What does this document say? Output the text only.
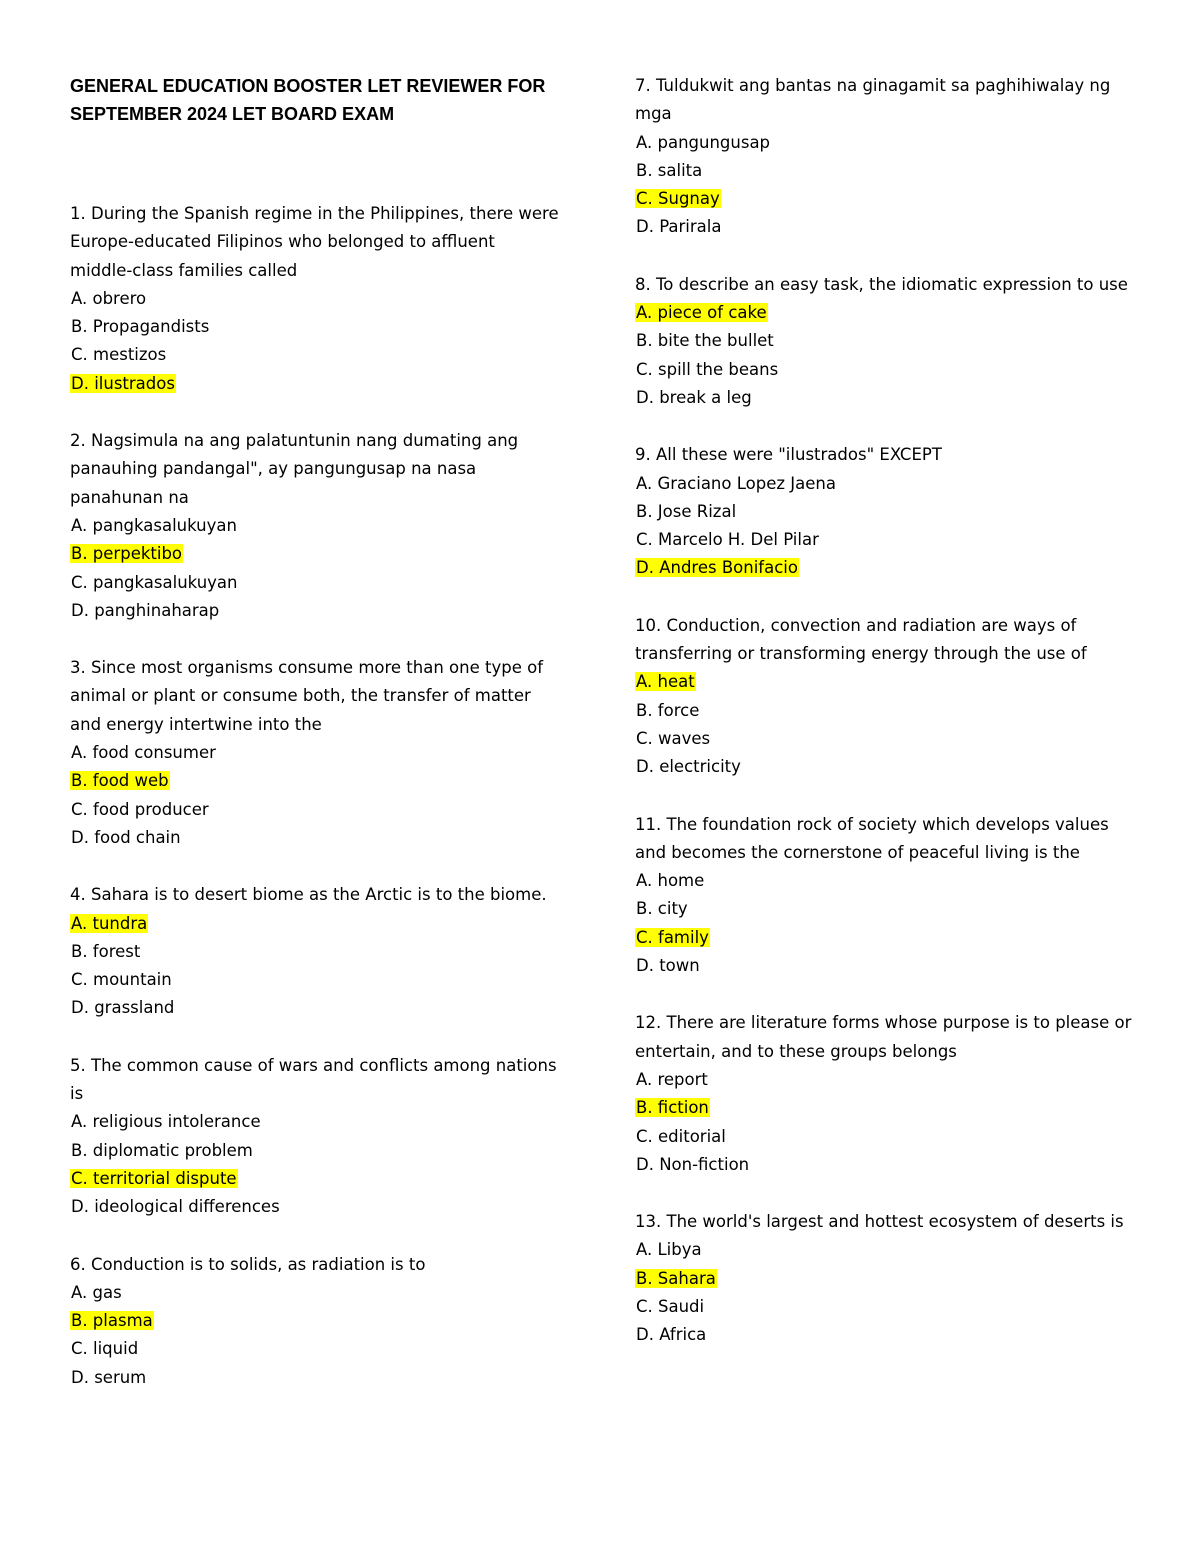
GENERAL EDUCATION BOOSTER LET REVIEWER FOR
SEPTEMBER 2024 LET BOARD EXAM
1. During the Spanish regime in the Philippines, there were Europe-educated Filipinos who belonged to affluent middle-class families called
A. obrero
B. Propagandists
C. mestizos
D. ilustrados
2. Nagsimula na ang palatuntunin nang dumating ang panauhing pandangal", ay pangungusap na nasa panahunan na
A. pangkasalukuyan
B. perpektibo
C. pangkasalukuyan
D. panghinaharap
3. Since most organisms consume more than one type of animal or plant or consume both, the transfer of matter and energy intertwine into the
A. food consumer
B. food web
C. food producer
D. food chain
4. Sahara is to desert biome as the Arctic is to the biome.
A. tundra
B. forest
C. mountain
D. grassland
5. The common cause of wars and conflicts among nations is
A. religious intolerance
B. diplomatic problem
C. territorial dispute
D. ideological differences
6. Conduction is to solids, as radiation is to
A. gas
B. plasma
C. liquid
D. serum
7. Tuldukwit ang bantas na ginagamit sa paghihiwalay ng mga
A. pangungusap
B. salita
C. Sugnay
D. Parirala
8. To describe an easy task, the idiomatic expression to use
A. piece of cake
B. bite the bullet
C. spill the beans
D. break a leg
9. All these were "ilustrados" EXCEPT
A. Graciano Lopez Jaena
B. Jose Rizal
C. Marcelo H. Del Pilar
D. Andres Bonifacio
10. Conduction, convection and radiation are ways of transferring or transforming energy through the use of
A. heat
B. force
C. waves
D. electricity
11. The foundation rock of society which develops values and becomes the cornerstone of peaceful living is the
A. home
B. city
C. family
D. town
12. There are literature forms whose purpose is to please or entertain, and to these groups belongs
A. report
B. fiction
C. editorial
D. Non-fiction
13. The world's largest and hottest ecosystem of deserts is
A. Libya
B. Sahara
C. Saudi
D. Africa
